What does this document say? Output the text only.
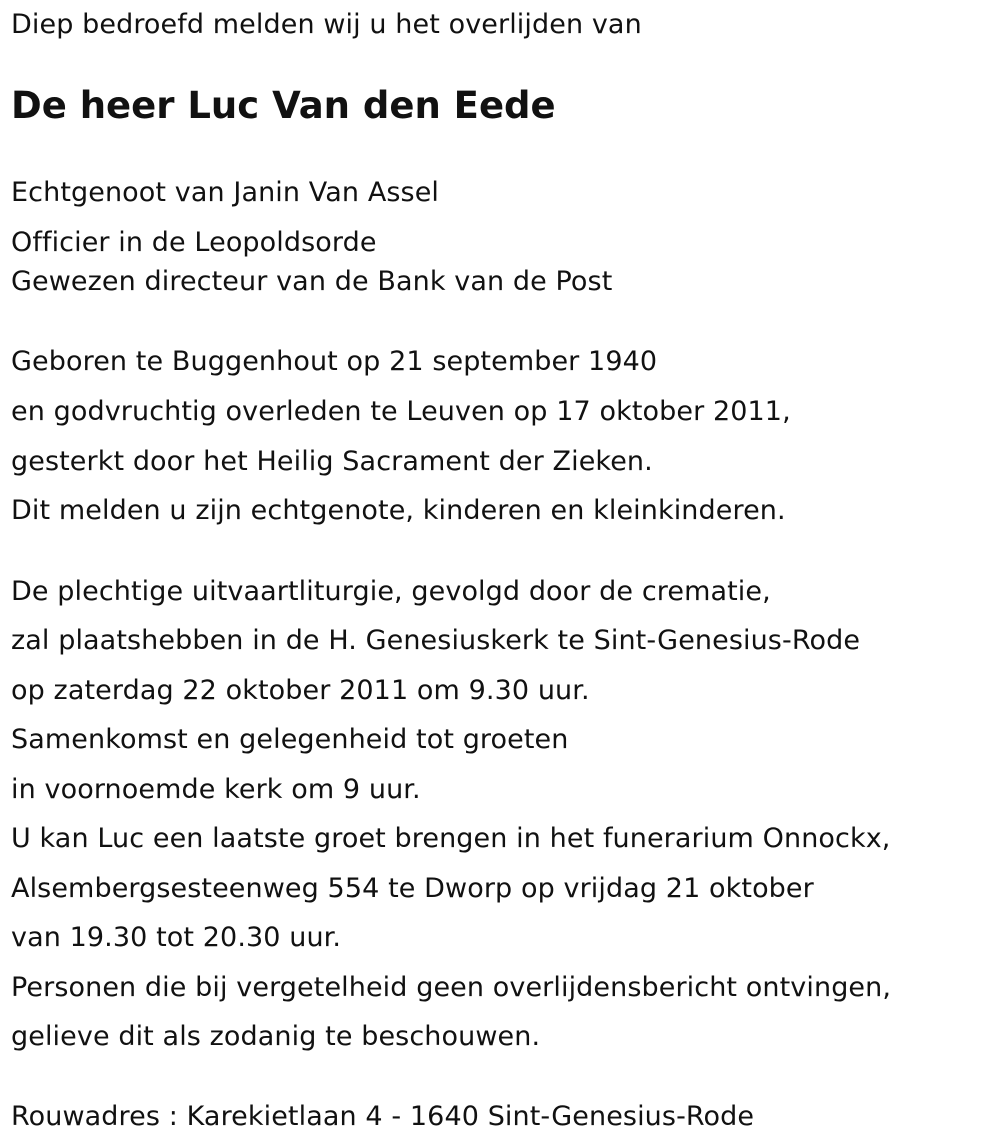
Diep bedroefd melden wij u het overlijden van
De heer Luc Van den Eede
Echtgenoot van Janin Van Assel
Officier in de Leopoldsorde
Gewezen directeur van de Bank van de Post
Geboren te Buggenhout op 21 september 1940
en godvruchtig overleden te Leuven op 17 oktober 2011,
gesterkt door het Heilig Sacrament der Zieken.
Dit melden u zijn echtgenote, kinderen en kleinkinderen.
De plechtige uitvaartliturgie, gevolgd door de crematie,
zal plaatshebben in de H. Genesiuskerk te Sint-Genesius-Rode
op zaterdag 22 oktober 2011 om 9.30 uur.
Samenkomst en gelegenheid tot groeten
in voornoemde kerk om 9 uur.
U kan Luc een laatste groet brengen in het funerarium Onnockx,
Alsembergsesteenweg 554 te Dworp op vrijdag 21 oktober
van 19.30 tot 20.30 uur.
Personen die bij vergetelheid geen overlijdensbericht ontvingen,
gelieve dit als zodanig te beschouwen.
Rouwadres : Karekietlaan 4 - 1640 Sint-Genesius-Rode
